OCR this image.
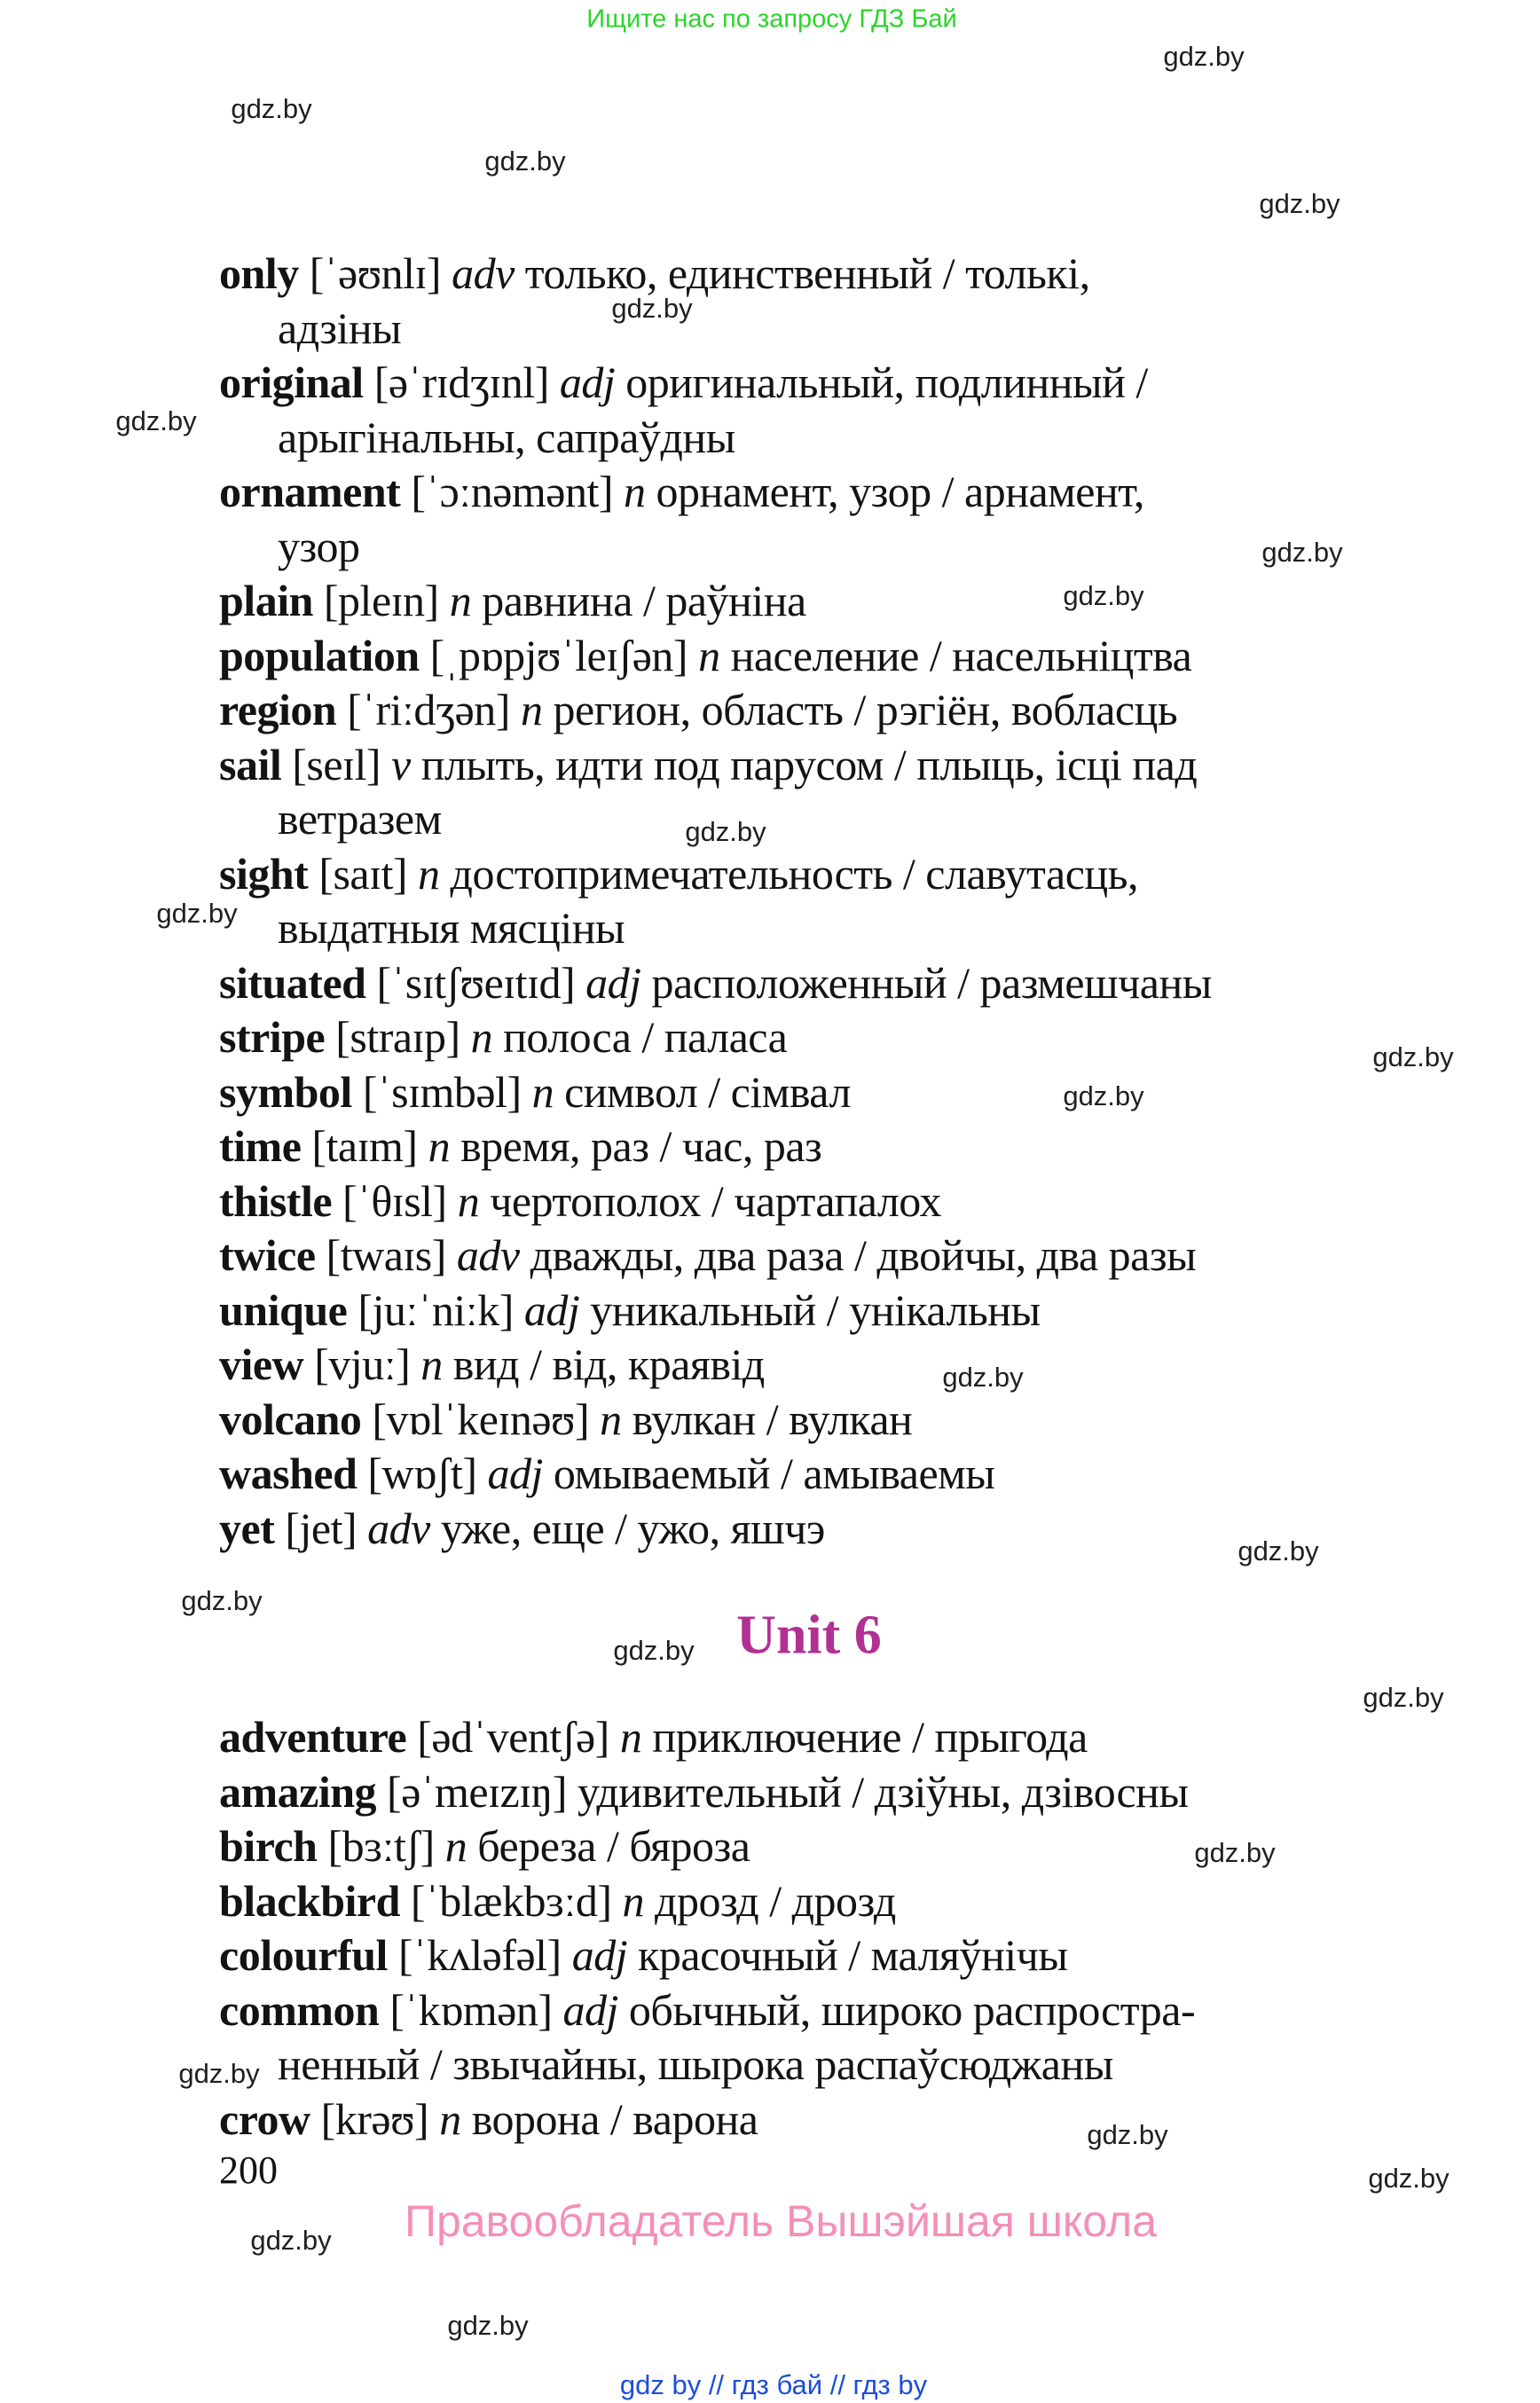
Ищите нас по запросу ГДЗ Бай
gdz.by
gdz.by
gdz.by
gdz.by
gdz.by
gdz.by
gdz.by
gdz.by
gdz.by
gdz.by
gdz.by
gdz.by
gdz.by
gdz.by
gdz.by
gdz.by
gdz.by
gdz.by
gdz.by
gdz.by
gdz.by
gdz.by
gdz.by
only [ˈəʊnlɪ] adv только, единственный / толькі,
адзіны
original [əˈrɪdʒɪnl] adj оригинальный, подлинный /
арыгінальны, сапраўдны
ornament [ˈɔːnəmənt] n орнамент, узор / арнамент,
узор
plain [pleɪn] n равнина / раўніна
population [ˌpɒpjʊˈleɪʃən] n население / насельніцтва
region [ˈriːdʒən] n регион, область / рэгіён, вобласць
sail [seɪl] v плыть, идти под парусом / плыць, ісці пад
ветразем
sight [saɪt] n достопримечательность / славутасць,
выдатныя мясціны
situated [ˈsɪtʃʊeɪtɪd] adj расположенный / размешчаны
stripe [straɪp] n полоса / паласа
symbol [ˈsɪmbəl] n символ / сімвал
time [taɪm] n время, раз / час, раз
thistle [ˈθɪsl] n чертополох / чартапалох
twice [twaɪs] adv дважды, два раза / двойчы, два разы
unique [juːˈniːk] adj уникальный / унікальны
view [vjuː] n вид / від, краявід
volcano [vɒlˈkeɪnəʊ] n вулкан / вулкан
washed [wɒʃt] adj омываемый / амываемы
yet [jet] adv уже, еще / ужо, яшчэ
Unit 6
adventure [ədˈventʃə] n приключение / прыгода
amazing [əˈmeɪzɪŋ] удивительный / дзіўны, дзівосны
birch [bɜːtʃ] n береза / бяроза
blackbird [ˈblækbɜːd] n дрозд / дрозд
colourful [ˈkʌləfəl] adj красочный / маляўнічы
common [ˈkɒmən] adj обычный, широко распростра-
ненный / звычайны, шырока распаўсюджаны
crow [krəʊ] n ворона / варона
200
Правообладатель Вышэйшая школа
gdz by // гдз бай // гдз by
